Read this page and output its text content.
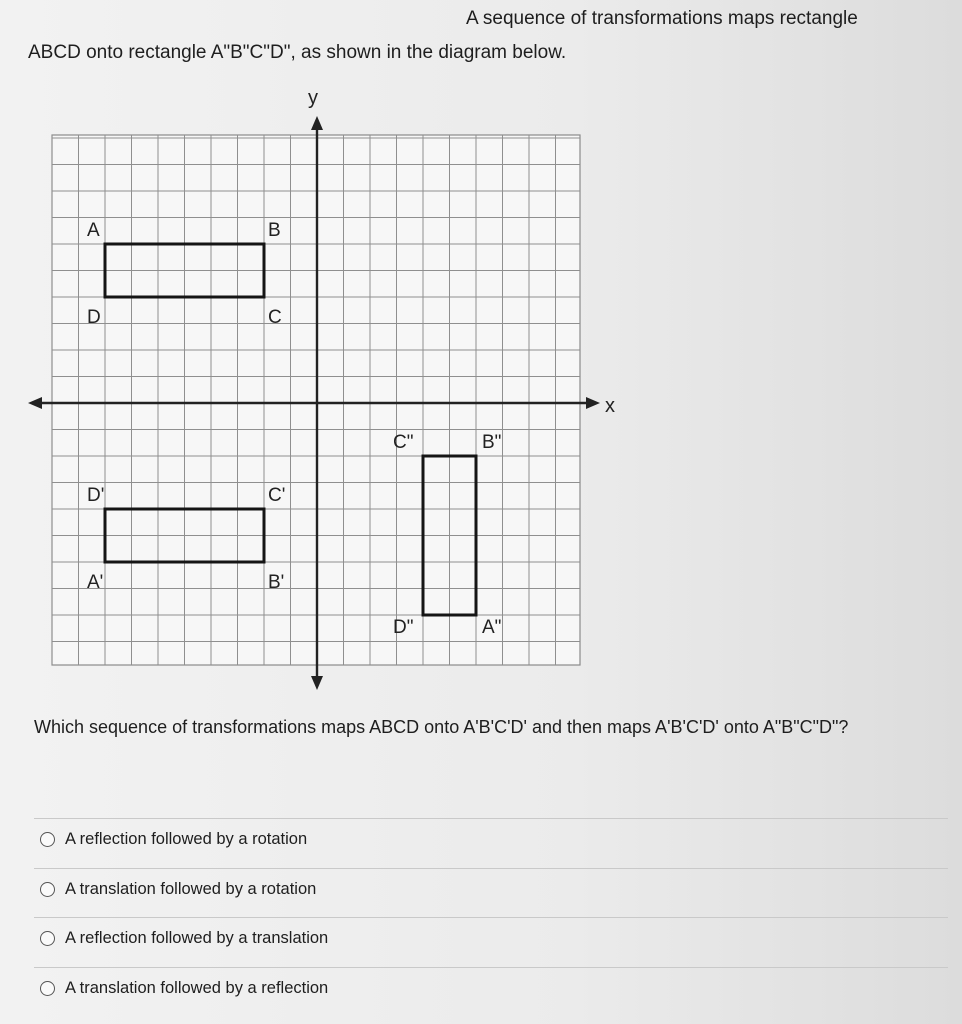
A sequence of transformations maps rectangle
ABCD onto rectangle A"B"C"D", as shown in the diagram below.
x
y
A	B
C
D
D'	C'
A'	B'
C"	B"
D"	A"
Which sequence of transformations maps ABCD onto A'B'C'D' and then maps A'B'C'D' onto A"B"C"D"?
A reflection followed by a rotation
A translation followed by a rotation
A reflection followed by a translation
A translation followed by a reflection
